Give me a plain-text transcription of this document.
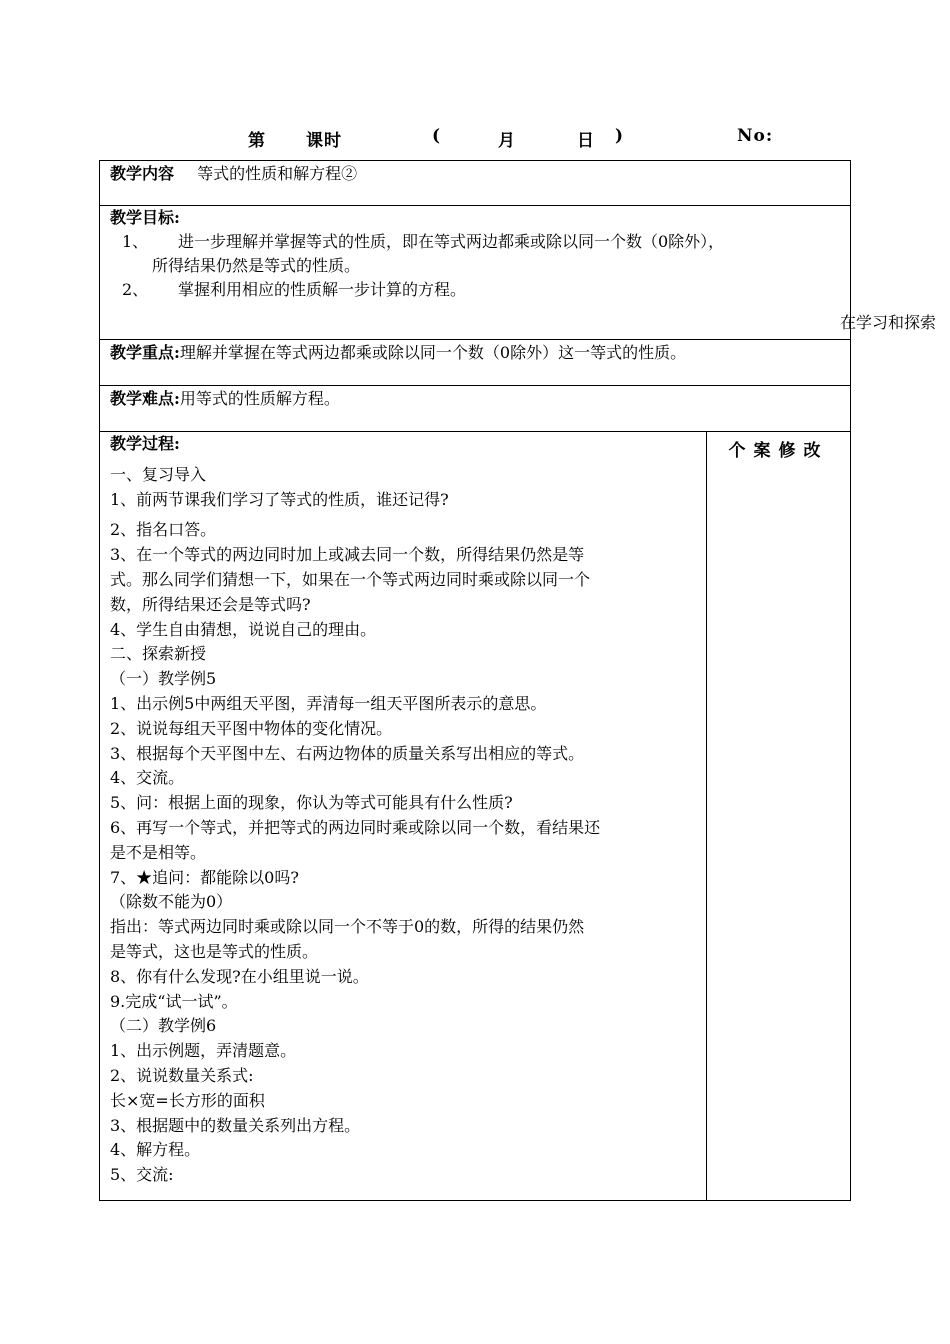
第 课时	(	月	日 )	No:
教学内容 等式的性质和解方程②

教学目标:
1、 进一步理解并掌握等式的性质，即在等式两边都乘或除以同一个数（0除外），
所得结果仍然是等式的性质。
2、 掌握利用相应的性质解一步计算的方程。

教学重点:理解并掌握在等式两边都乘或除以同一个数（0除外）这一等式的性质。
教学难点:用等式的性质解方程。

教学过程:
一、复习导入
1、前两节课我们学习了等式的性质，谁还记得?
2、指名口答。
3、在一个等式的两边同时加上或减去同一个数，所得结果仍然是等
式。那么同学们猜想一下，如果在一个等式两边同时乘或除以同一个
数，所得结果还会是等式吗?
4、学生自由猜想，说说自己的理由。
二、探索新授
（一）教学例5
1、出示例5中两组天平图，弄清每一组天平图所表示的意思。
2、说说每组天平图中物体的变化情况。
3、根据每个天平图中左、右两边物体的质量关系写出相应的等式。
4、交流。
5、问：根据上面的现象，你认为等式可能具有什么性质?
6、再写一个等式，并把等式的两边同时乘或除以同一个数，看结果还
是不是相等。
7、★追问：都能除以0吗?
（除数不能为0）
指出：等式两边同时乘或除以同一个不等于0的数，所得的结果仍然
是等式，这也是等式的性质。
8、你有什么发现?在小组里说一说。
9.完成“试一试”。
（二）教学例6
1、出示例题，弄清题意。
2、说说数量关系式:
长×宽=长方形的面积
3、根据题中的数量关系列出方程。
4、解方程。
5、交流:

个案修改
在学习和探索
